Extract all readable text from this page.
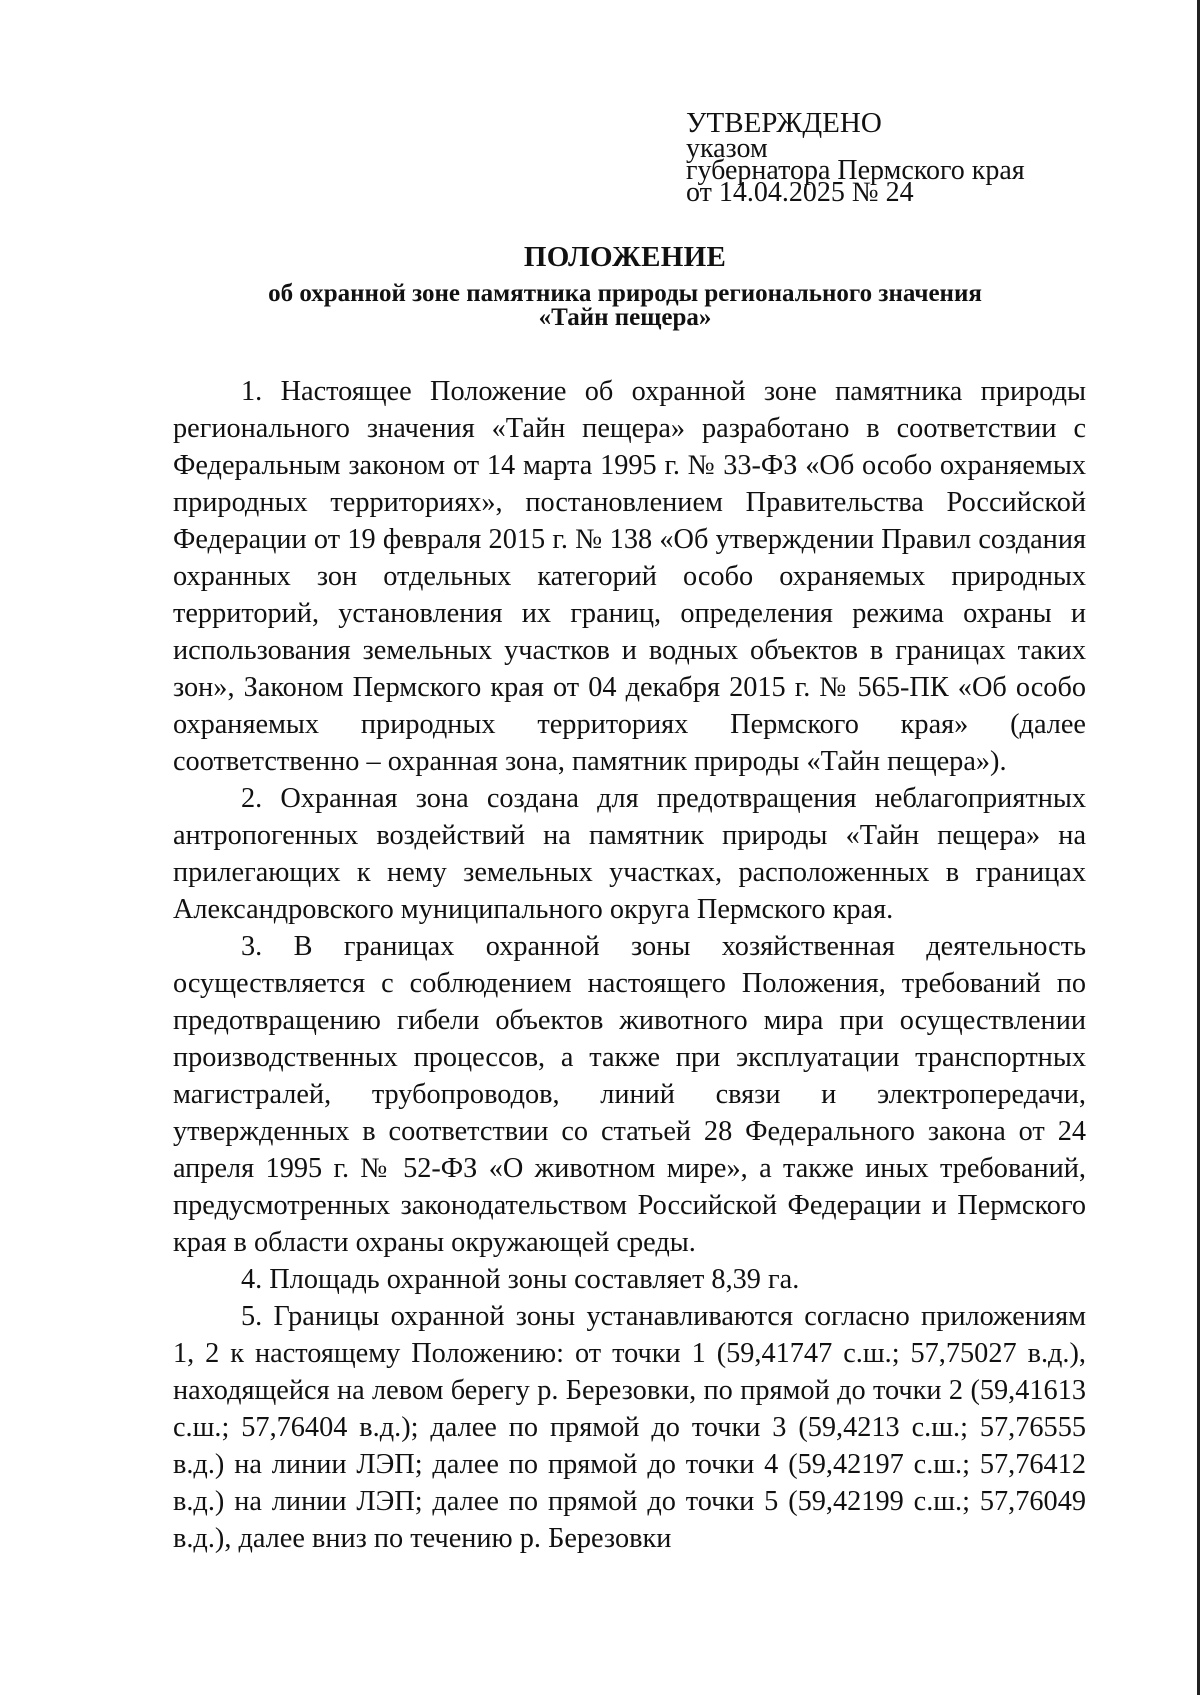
УТВЕРЖДЕНО
указом
губернатора Пермского края
от 14.04.2025 № 24
ПОЛОЖЕНИЕ
об охранной зоне памятника природы регионального значения
«Тайн пещера»

1. Настоящее Положение об охранной зоне памятника природы регионального значения «Тайн пещера» разработано в соответствии с Федеральным законом от 14 марта 1995 г. № 33-ФЗ «Об особо охраняемых природных территориях», постановлением Правительства Российской Федерации от 19 февраля 2015 г. № 138 «Об утверждении Правил создания охранных зон отдельных категорий особо охраняемых природных территорий, установления их границ, определения режима охраны и использования земельных участков и водных объектов в границах таких зон», Законом Пермского края от 04 декабря 2015 г. № 565-ПК «Об особо охраняемых природных территориях Пермского края» (далее соответственно – охранная зона, памятник природы «Тайн пещера»).

2. Охранная зона создана для предотвращения неблагоприятных антропогенных воздействий на памятник природы «Тайн пещера» на прилегающих к нему земельных участках, расположенных в границах Александровского муниципального округа Пермского края.

3. В границах охранной зоны хозяйственная деятельность осуществляется с соблюдением настоящего Положения, требований по предотвращению гибели объектов животного мира при осуществлении производственных процессов, а также при эксплуатации транспортных магистралей, трубопроводов, линий связи и электропередачи, утвержденных в соответствии со статьей 28 Федерального закона от 24 апреля 1995 г. № 52-ФЗ «О животном мире», а также иных требований, предусмотренных законодательством Российской Федерации и Пермского края в области охраны окружающей среды.

4. Площадь охранной зоны составляет 8,39 га.

5. Границы охранной зоны устанавливаются согласно приложениям 1, 2 к настоящему Положению: от точки 1 (59,41747 с.ш.; 57,75027 в.д.), находящейся на левом берегу р. Березовки, по прямой до точки 2 (59,41613 с.ш.; 57,76404 в.д.); далее по прямой до точки 3 (59,4213 с.ш.; 57,76555 в.д.) на линии ЛЭП; далее по прямой до точки 4 (59,42197 с.ш.; 57,76412 в.д.) на линии ЛЭП; далее по прямой до точки 5 (59,42199 с.ш.; 57,76049 в.д.), далее вниз по течению р. Березовки
